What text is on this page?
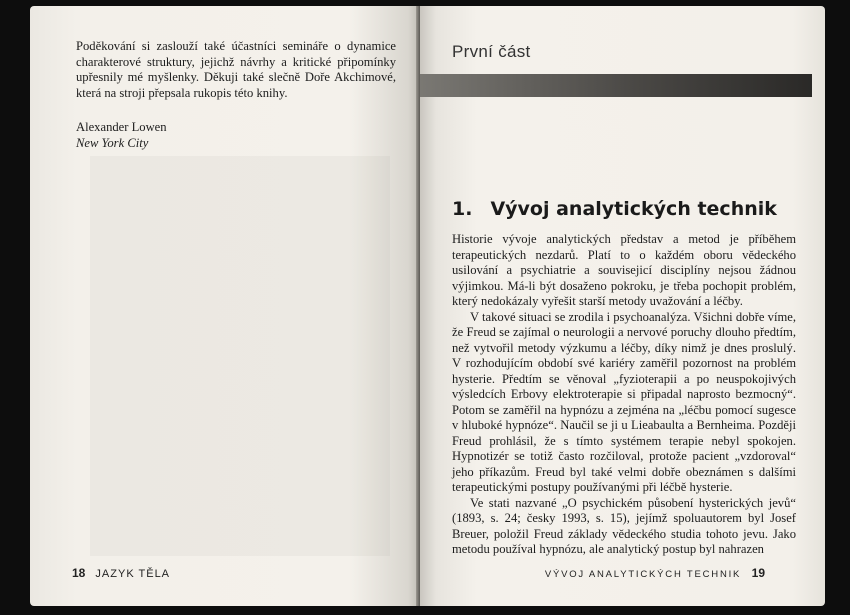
Poděkování si zaslouží také účastníci semináře o dynamice charakterové struktury, jejichž návrhy a kritické připomínky upřesnily mé myšlenky. Děkuji také slečně Doře Akchimové, která na stroji přepsala rukopis této knihy.

Alexander Lowen
New York City
18 JAZYK TĚLA
První část
1. Vývoj analytických technik

Historie vývoje analytických představ a metod je příběhem terapeutických nezdarů. Platí to o každém oboru vědeckého usilování a psychiatrie a souvisejicí disciplíny nejsou žádnou výjimkou. Má-li být dosaženo pokroku, je třeba pochopit problém, který nedokázaly vyřešit starší metody uvažování a léčby.

V takové situaci se zrodila i psychoanalýza. Všichni dobře víme, že Freud se zajímal o neurologii a nervové poruchy dlouho předtím, než vytvořil metody výzkumu a léčby, díky nimž je dnes proslulý. V rozhodujícím období své kariéry zaměřil pozornost na problém hysterie. Předtím se věnoval „fyzioterapii a po neuspokojivých výsledcích Erbovy elektroterapie si připadal naprosto bezmocný“. Potom se zaměřil na hypnózu a zejména na „léčbu pomocí sugesce v hluboké hypnóze“. Naučil se ji u Lieabaulta a Bernheima. Později Freud prohlásil, že s tímto systémem terapie nebyl spokojen. Hypnotizér se totiž často rozčiloval, protože pacient „vzdoroval“ jeho příkazům. Freud byl také velmi dobře obeznámen s dalšími terapeutickými postupy používanými při léčbě hysterie.

Ve stati nazvané „O psychickém působení hysterických jevů“ (1893, s. 24; česky 1993, s. 15), jejímž spoluautorem byl Josef Breuer, položil Freud základy vědeckého studia tohoto jevu. Jako metodu používal hypnózu, ale analytický postup byl nahrazen

VÝVOJ ANALYTICKÝCH TECHNIK 19
